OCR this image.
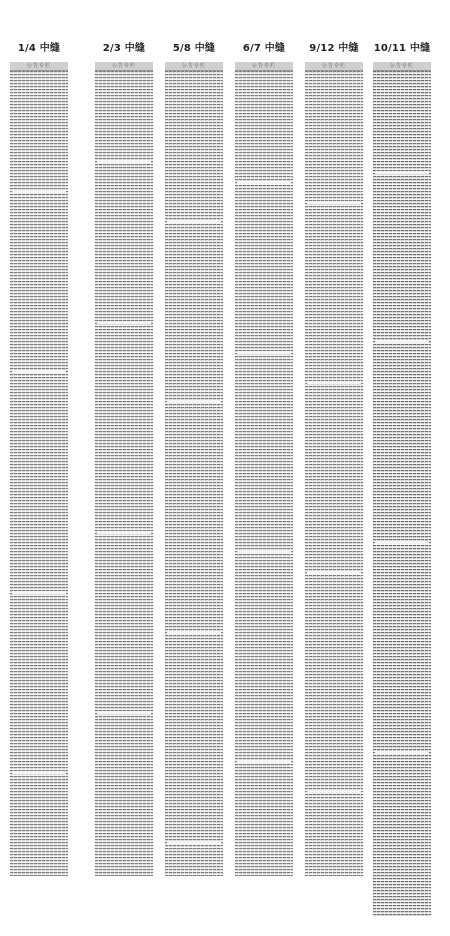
1/4 中缝
公告专栏
2/3 中缝
公告专栏
5/8 中缝
公告专栏
6/7 中缝
公告专栏
9/12 中缝
公告专栏
10/11 中缝
公告专栏
